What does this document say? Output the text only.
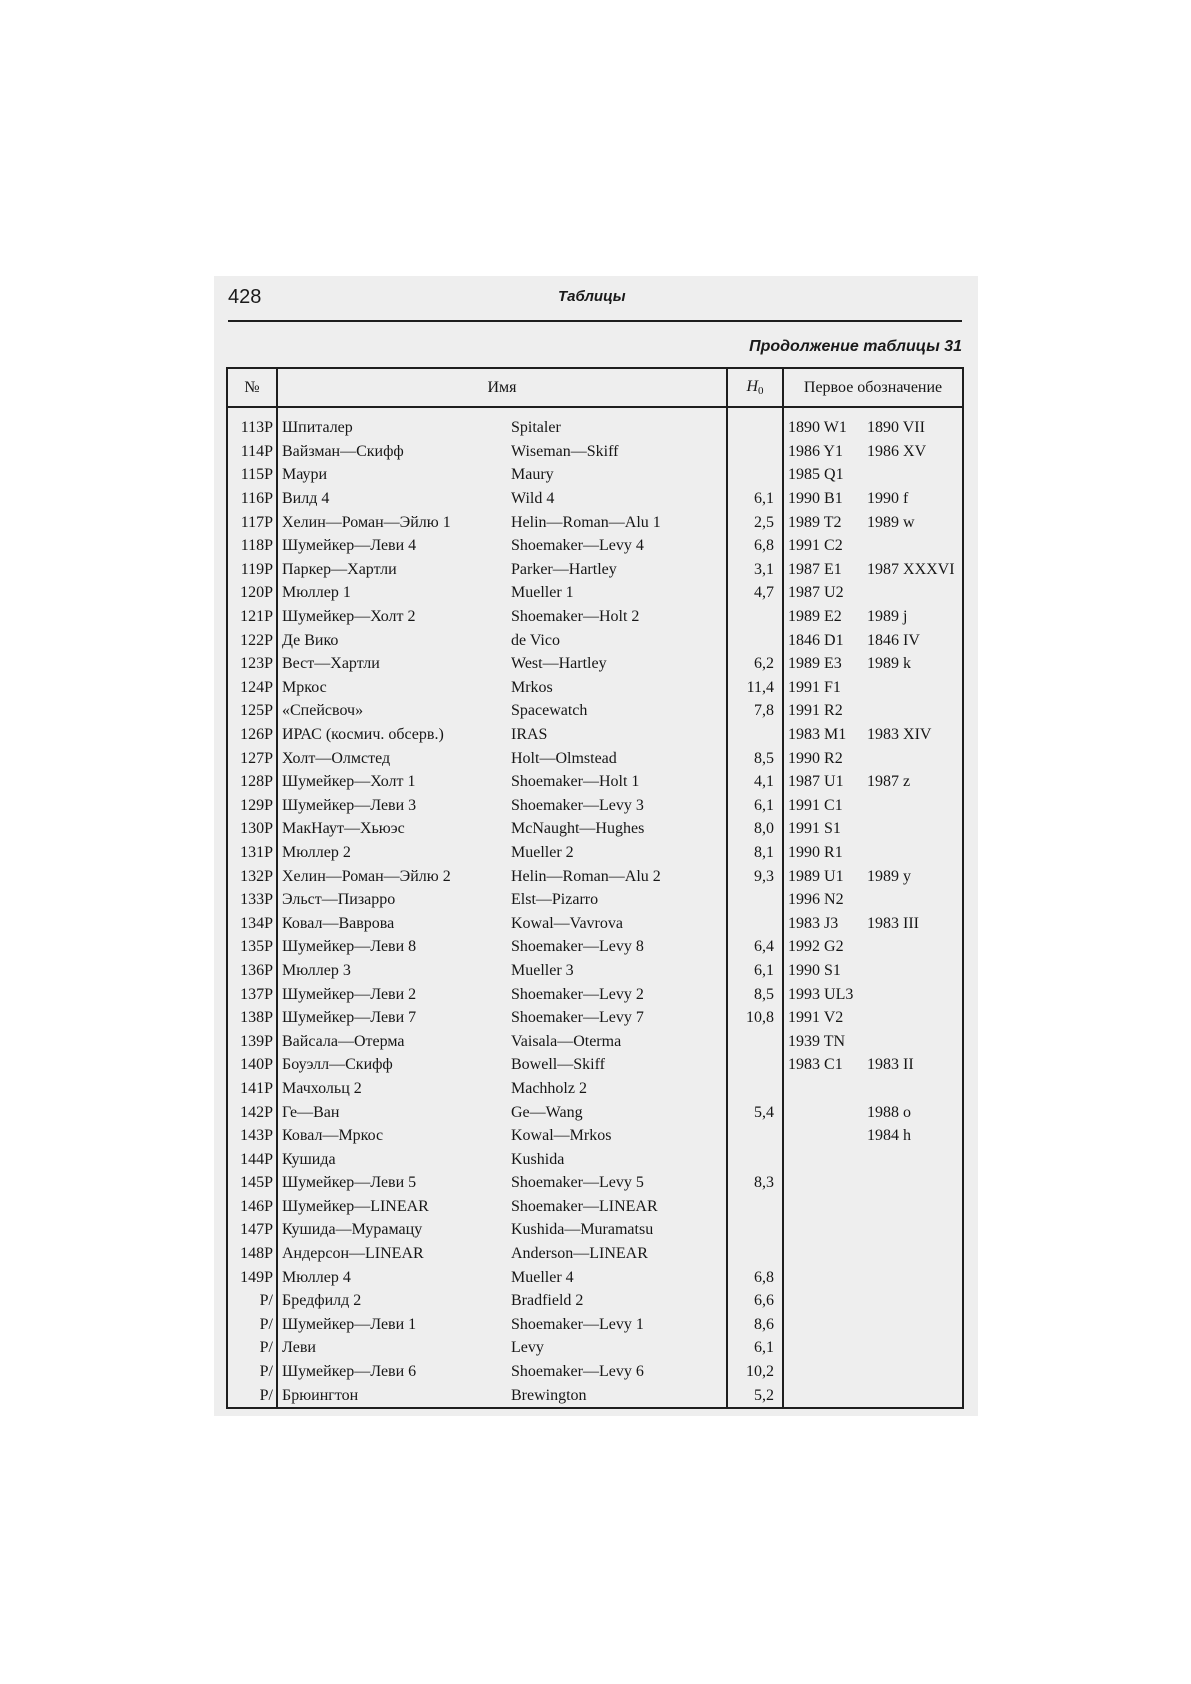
428	Таблицы
Продолжение таблицы 31
№	Имя		H0	Первое обозначение	
113P	Шпиталер	Spitaler		1890 W1	1890 VII
114P	Вайзман—Скифф	Wiseman—Skiff		1986 Y1	1986 XV
115P	Маури	Maury		1985 Q1	
116P	Вилд 4	Wild 4	6,1	1990 B1	1990 f
117P	Хелин—Роман—Эйлю 1	Helin—Roman—Alu 1	2,5	1989 T2	1989 w
118P	Шумейкер—Леви 4	Shoemaker—Levy 4	6,8	1991 C2	
119P	Паркер—Хартли	Parker—Hartley	3,1	1987 E1	1987 XXXVI
120P	Мюллер 1	Mueller 1	4,7	1987 U2	
121P	Шумейкер—Холт 2	Shoemaker—Holt 2		1989 E2	1989 j
122P	Де Вико	de Vico		1846 D1	1846 IV
123P	Вест—Хартли	West—Hartley	6,2	1989 E3	1989 k
124P	Мркос	Mrkos	11,4	1991 F1	
125P	«Спейсвоч»	Spacewatch	7,8	1991 R2	
126P	ИРАС (космич. обсерв.)	IRAS		1983 M1	1983 XIV
127P	Холт—Олмстед	Holt—Olmstead	8,5	1990 R2	
128P	Шумейкер—Холт 1	Shoemaker—Holt 1	4,1	1987 U1	1987 z
129P	Шумейкер—Леви 3	Shoemaker—Levy 3	6,1	1991 C1	
130P	МакНаут—Хьюэс	McNaught—Hughes	8,0	1991 S1	
131P	Мюллер 2	Mueller 2	8,1	1990 R1	
132P	Хелин—Роман—Эйлю 2	Helin—Roman—Alu 2	9,3	1989 U1	1989 y
133P	Эльст—Пизарро	Elst—Pizarro		1996 N2	
134P	Ковал—Ваврова	Kowal—Vavrova		1983 J3	1983 III
135P	Шумейкер—Леви 8	Shoemaker—Levy 8	6,4	1992 G2	
136P	Мюллер 3	Mueller 3	6,1	1990 S1	
137P	Шумейкер—Леви 2	Shoemaker—Levy 2	8,5	1993 UL3	
138P	Шумейкер—Леви 7	Shoemaker—Levy 7	10,8	1991 V2	
139P	Вайсала—Отерма	Vaisala—Oterma		1939 TN	
140P	Боуэлл—Скифф	Bowell—Skiff		1983 C1	1983 II
141P	Мачхольц 2	Machholz 2			
142P	Ге—Ван	Ge—Wang	5,4		1988 o
143P	Ковал—Мркос	Kowal—Mrkos			1984 h
144P	Кушида	Kushida			
145P	Шумейкер—Леви 5	Shoemaker—Levy 5	8,3		
146P	Шумейкер—LINEAR	Shoemaker—LINEAR			
147P	Кушида—Мурамацу	Kushida—Muramatsu			
148P	Андерсон—LINEAR	Anderson—LINEAR			
149P	Мюллер 4	Mueller 4	6,8		
P/	Бредфилд 2	Bradfield 2	6,6		
P/	Шумейкер—Леви 1	Shoemaker—Levy 1	8,6		
P/	Леви	Levy	6,1		
P/	Шумейкер—Леви 6	Shoemaker—Levy 6	10,2		
P/	Брюингтон	Brewington	5,2		
